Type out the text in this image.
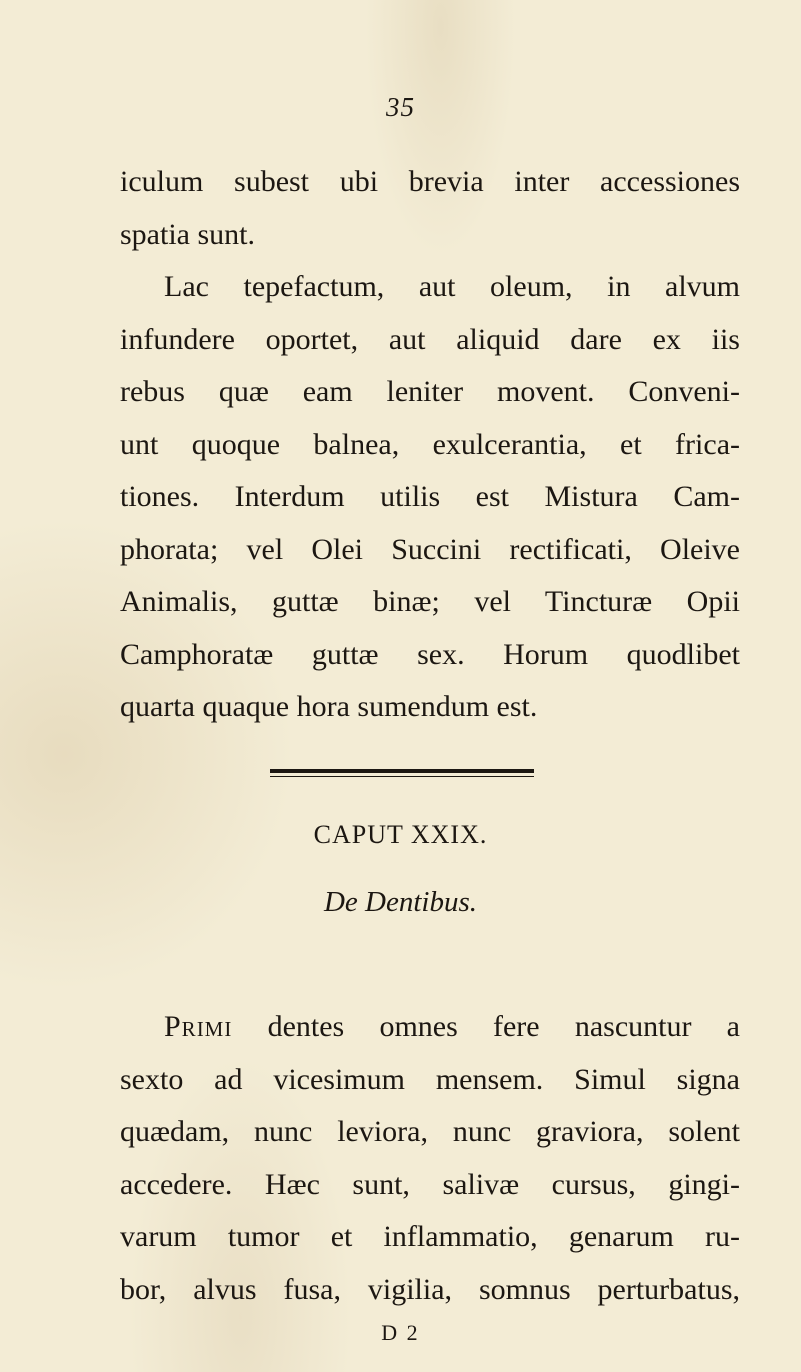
35
iculum subest ubi brevia inter accessiones
spatia sunt.
Lac tepefactum, aut oleum, in alvum
infundere oportet, aut aliquid dare ex iis
rebus quæ eam leniter movent. Conveni-
unt quoque balnea, exulcerantia, et frica-
tiones. Interdum utilis est Mistura Cam-
phorata; vel Olei Succini rectificati, Oleive
Animalis, guttæ binæ; vel Tincturæ Opii
Camphoratæ guttæ sex. Horum quodlibet
quarta quaque hora sumendum est.
CAPUT XXIX.
De Dentibus.
Primi dentes omnes fere nascuntur a
sexto ad vicesimum mensem. Simul signa
quædam, nunc leviora, nunc graviora, solent
accedere. Hæc sunt, salivæ cursus, gingi-
varum tumor et inflammatio, genarum ru-
bor, alvus fusa, vigilia, somnus perturbatus,
D 2
